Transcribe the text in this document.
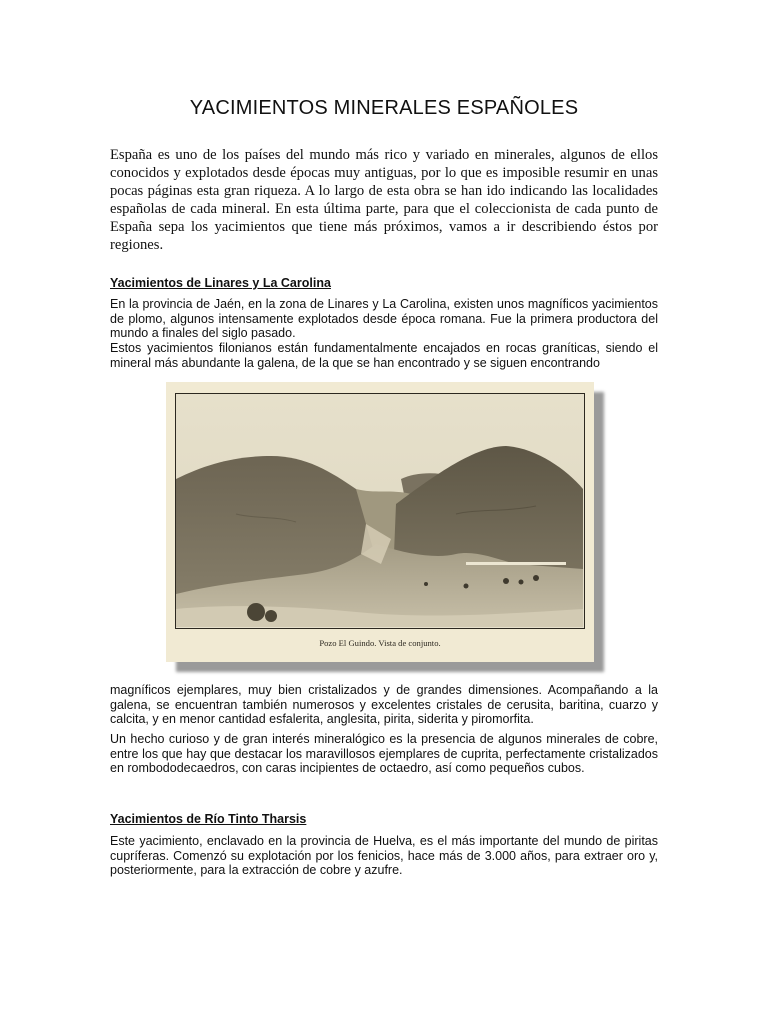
YACIMIENTOS MINERALES ESPAÑOLES

España es uno de los países del mundo más rico y variado en minerales, algunos de ellos conocidos y explotados desde épocas muy antiguas, por lo que es imposible resumir en unas pocas páginas esta gran riqueza. A lo largo de esta obra se han ido indicando las localidades españolas de cada mineral. En esta última parte, para que el coleccionista de cada punto de España sepa los yacimientos que tiene más próximos, vamos a ir describiendo éstos por regiones.

Yacimientos de Linares y La Carolina

En la provincia de Jaén, en la zona de Linares y La Carolina, existen unos magníficos yacimientos de plomo, algunos intensamente explotados desde época romana. Fue la primera productora del mundo a finales del siglo pasado.

Estos yacimientos filonianos están fundamentalmente encajados en rocas graníticas, siendo el mineral más abundante la galena, de la que se han encontrado y se siguen encontrando

Pozo El Guindo. Vista de conjunto.

magníficos ejemplares, muy bien cristalizados y de grandes dimensiones. Acompañando a la galena, se encuentran también numerosos y excelentes cristales de cerusita, baritina, cuarzo y calcita, y en menor cantidad esfalerita, anglesita, pirita, siderita y piromorfita.

Un hecho curioso y de gran interés mineralógico es la presencia de algunos minerales de cobre, entre los que hay que destacar los maravillosos ejemplares de cuprita, perfectamente cristalizados en rombododecaedros, con caras incipientes de octaedro, así como pequeños cubos.

Yacimientos de Río Tinto Tharsis

Este yacimiento, enclavado en la provincia de Huelva, es el más importante del mundo de piritas cupríferas. Comenzó su explotación por los fenicios, hace más de 3.000 años, para extraer oro y, posteriormente, para la extracción de cobre y azufre.
